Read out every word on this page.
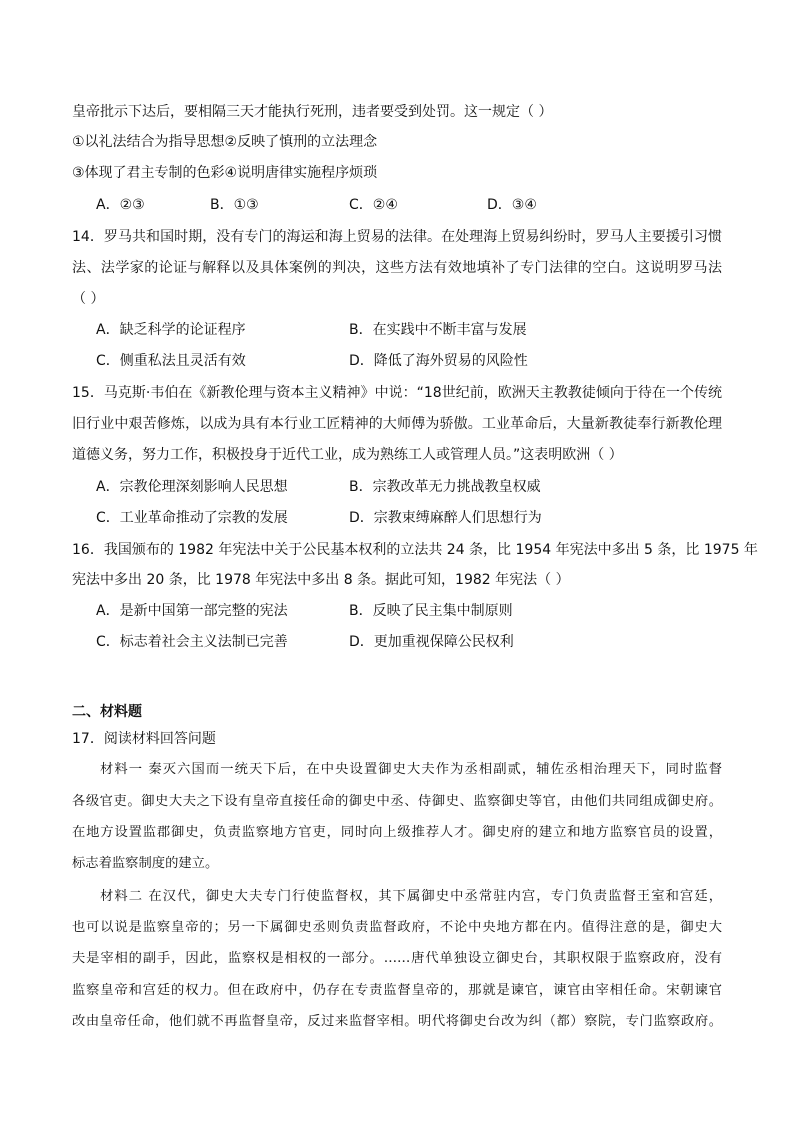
皇帝批示下达后，要相隔三天才能执行死刑，违者要受到处罚。这一规定（ ）
①以礼法结合为指导思想②反映了慎刑的立法理念
③体现了君主专制的色彩④说明唐律实施程序烦琐
A．②③	B．①③	C．②④	D．③④
14．罗马共和国时期，没有专门的海运和海上贸易的法律。在处理海上贸易纠纷时，罗马人主要援引习惯
法、法学家的论证与解释以及具体案例的判决，这些方法有效地填补了专门法律的空白。这说明罗马法
（ ）
A．缺乏科学的论证程序	B．在实践中不断丰富与发展
C．侧重私法且灵活有效	D．降低了海外贸易的风险性
15．马克斯·韦伯在《新教伦理与资本主义精神》中说：“18世纪前，欧洲天主教教徒倾向于待在一个传统
旧行业中艰苦修炼，以成为具有本行业工匠精神的大师傅为骄傲。工业革命后，大量新教徒奉行新教伦理
道德义务，努力工作，积极投身于近代工业，成为熟练工人或管理人员。”这表明欧洲（ ）
A．宗教伦理深刻影响人民思想	B．宗教改革无力挑战教皇权威
C．工业革命推动了宗教的发展	D．宗教束缚麻醉人们思想行为
16．我国颁布的 1982 年宪法中关于公民基本权利的立法共 24 条，比 1954 年宪法中多出 5 条，比 1975 年
宪法中多出 20 条，比 1978 年宪法中多出 8 条。据此可知，1982 年宪法（ ）
A．是新中国第一部完整的宪法	B．反映了民主集中制原则
C．标志着社会主义法制已完善	D．更加重视保障公民权利
二、材料题
17．阅读材料回答问题
材料一 秦灭六国而一统天下后，在中央设置御史大夫作为丞相副贰，辅佐丞相治理天下，同时监督
各级官吏。御史大夫之下设有皇帝直接任命的御史中丞、侍御史、监察御史等官，由他们共同组成御史府。
在地方设置监郡御史，负责监察地方官吏，同时向上级推荐人才。御史府的建立和地方监察官员的设置，
标志着监察制度的建立。
材料二 在汉代，御史大夫专门行使监督权，其下属御史中丞常驻内宫，专门负责监督王室和宫廷，
也可以说是监察皇帝的；另一下属御史丞则负责监督政府，不论中央地方都在内。值得注意的是，御史大
夫是宰相的副手，因此，监察权是相权的一部分。……唐代单独设立御史台，其职权限于监察政府，没有
监察皇帝和宫廷的权力。但在政府中，仍存在专责监督皇帝的，那就是谏官，谏官由宰相任命。宋朝谏官
改由皇帝任命，他们就不再监督皇帝，反过来监督宰相。明代将御史台改为纠（都）察院，专门监察政府。
